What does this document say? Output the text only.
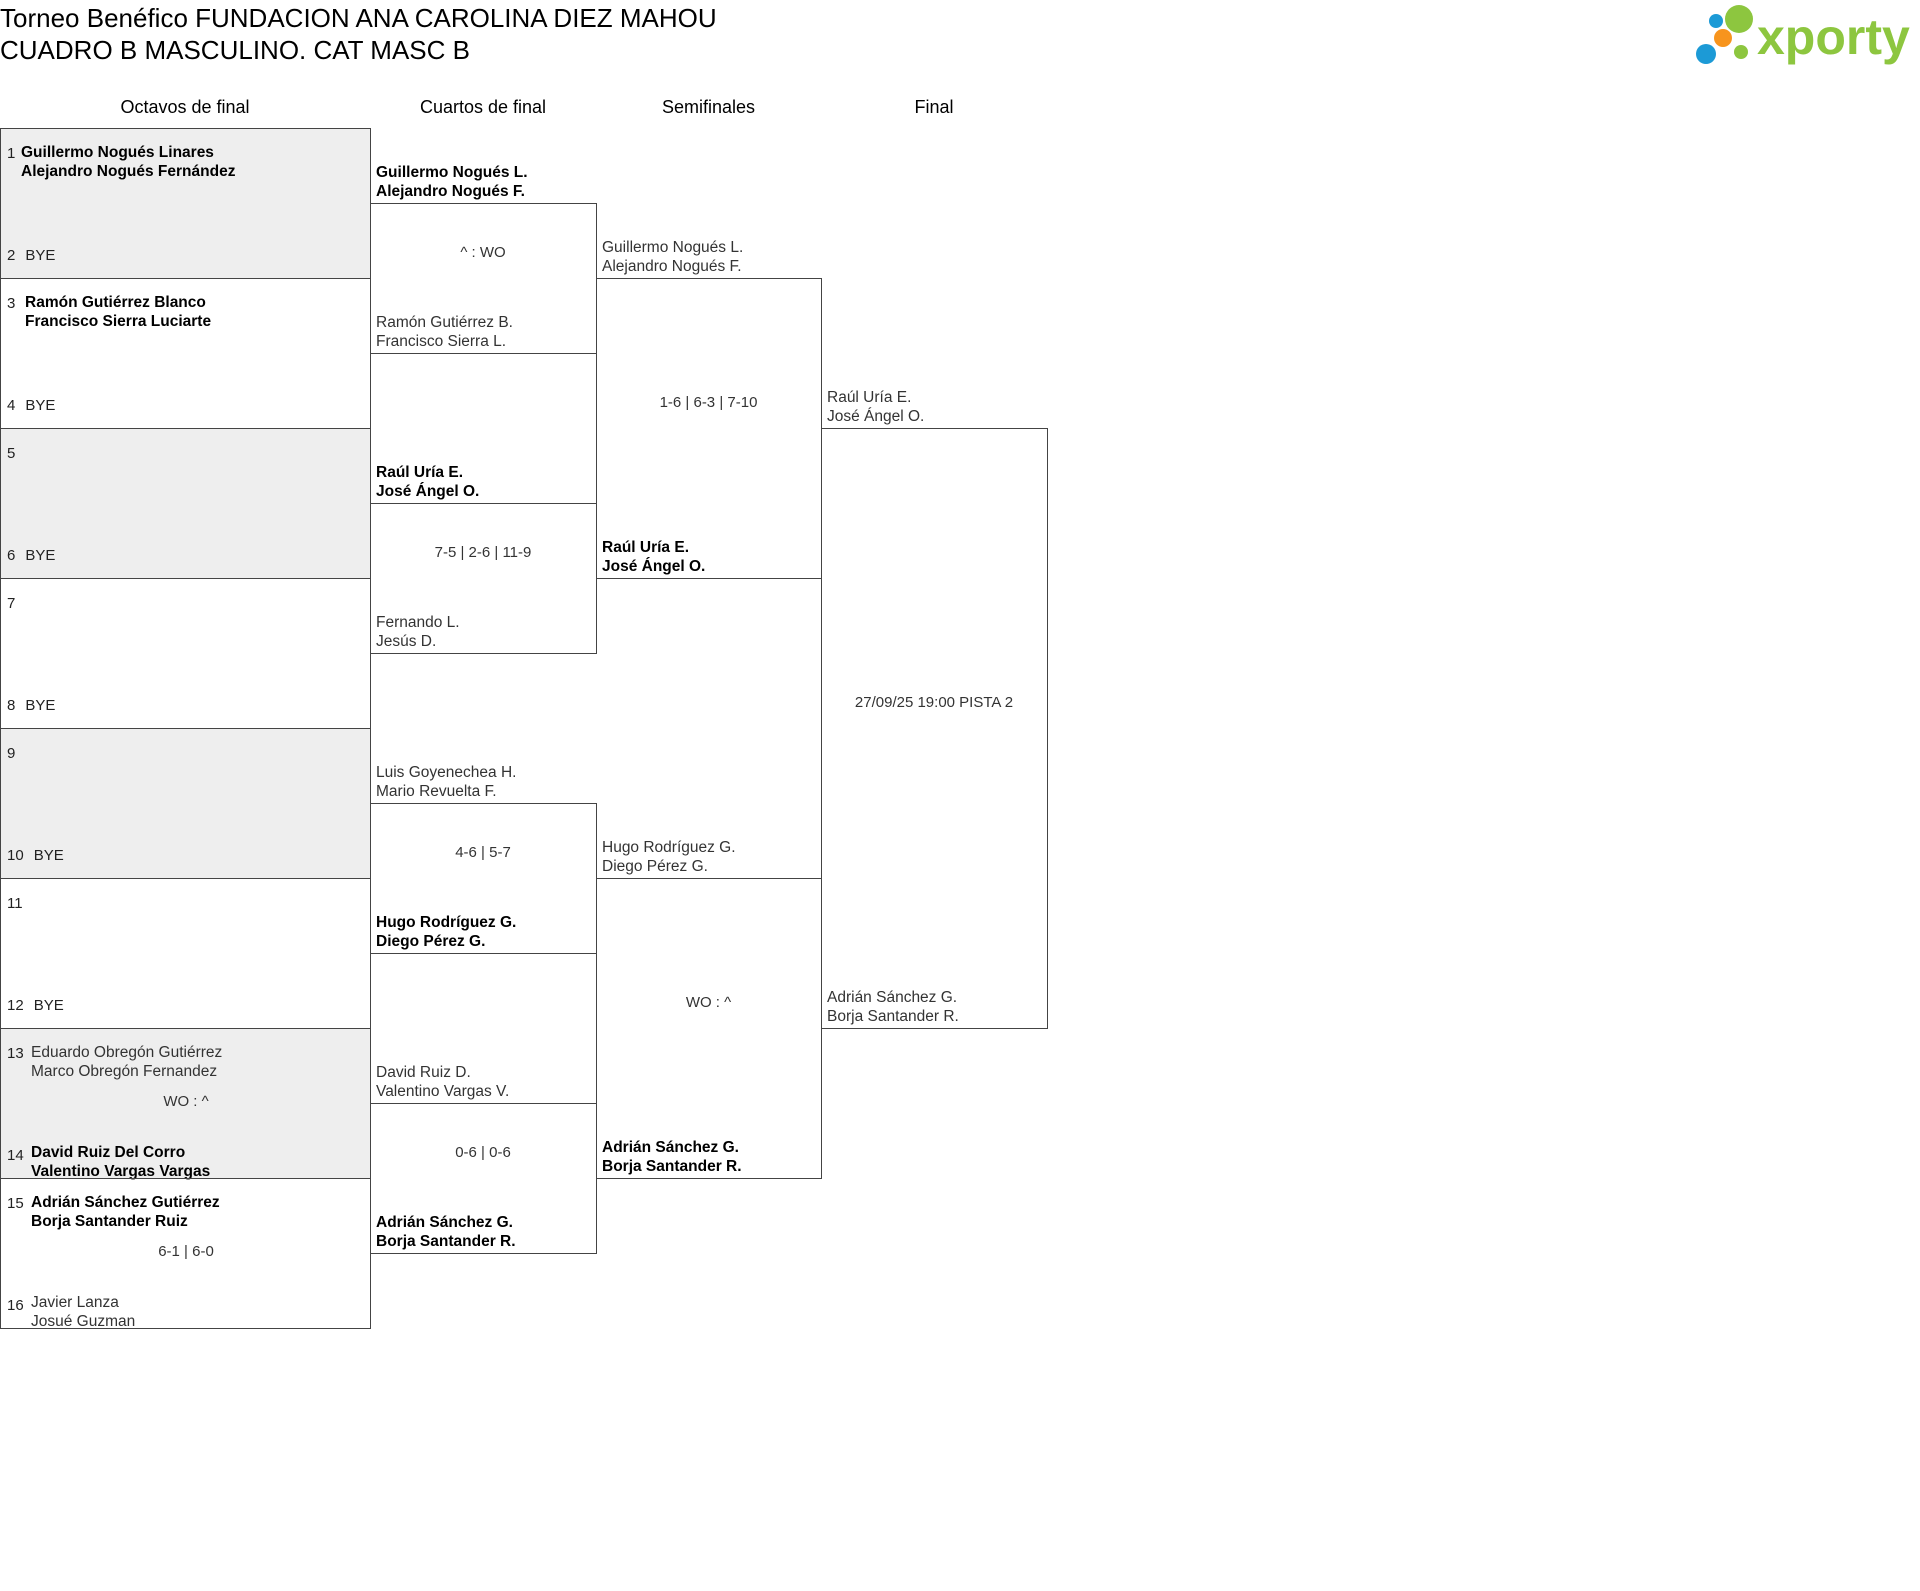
Torneo Benéfico FUNDACION ANA CAROLINA DIEZ MAHOU
CUADRO B MASCULINO. CAT MASC B	xporty
Octavos de final	Cuartos de final	Semifinales	Final
1
2 BYE
Guillermo Nogués Linares
Alejandro Nogués Fernández
3
4 BYE
Ramón Gutiérrez Blanco
Francisco Sierra Luciarte
5
6 BYE
7
8 BYE
9
10 BYE
11
12 BYE
13
14
Eduardo Obregón Gutiérrez
Marco Obregón Fernandez
WO : ^
David Ruiz Del Corro
Valentino Vargas Vargas
15
16
Adrián Sánchez Gutiérrez
Borja Santander Ruiz
6-1 | 6-0
Javier Lanza
Josué Guzman
Guillermo Nogués L.
Alejandro Nogués F.
^ : WO
Ramón Gutiérrez B.
Francisco Sierra L.
Raúl Uría E.
José Ángel O.
7-5 | 2-6 | 11-9
Fernando L.
Jesús D.
Luis Goyenechea H.
Mario Revuelta F.
4-6 | 5-7
Hugo Rodríguez G.
Diego Pérez G.
David Ruiz D.
Valentino Vargas V.
0-6 | 0-6
Adrián Sánchez G.
Borja Santander R.
Guillermo Nogués L.
Alejandro Nogués F.
1-6 | 6-3 | 7-10
Raúl Uría E.
José Ángel O.
Hugo Rodríguez G.
Diego Pérez G.
WO : ^
Adrián Sánchez G.
Borja Santander R.
Raúl Uría E.
José Ángel O.
27/09/25 19:00 PISTA 2
Adrián Sánchez G.
Borja Santander R.
